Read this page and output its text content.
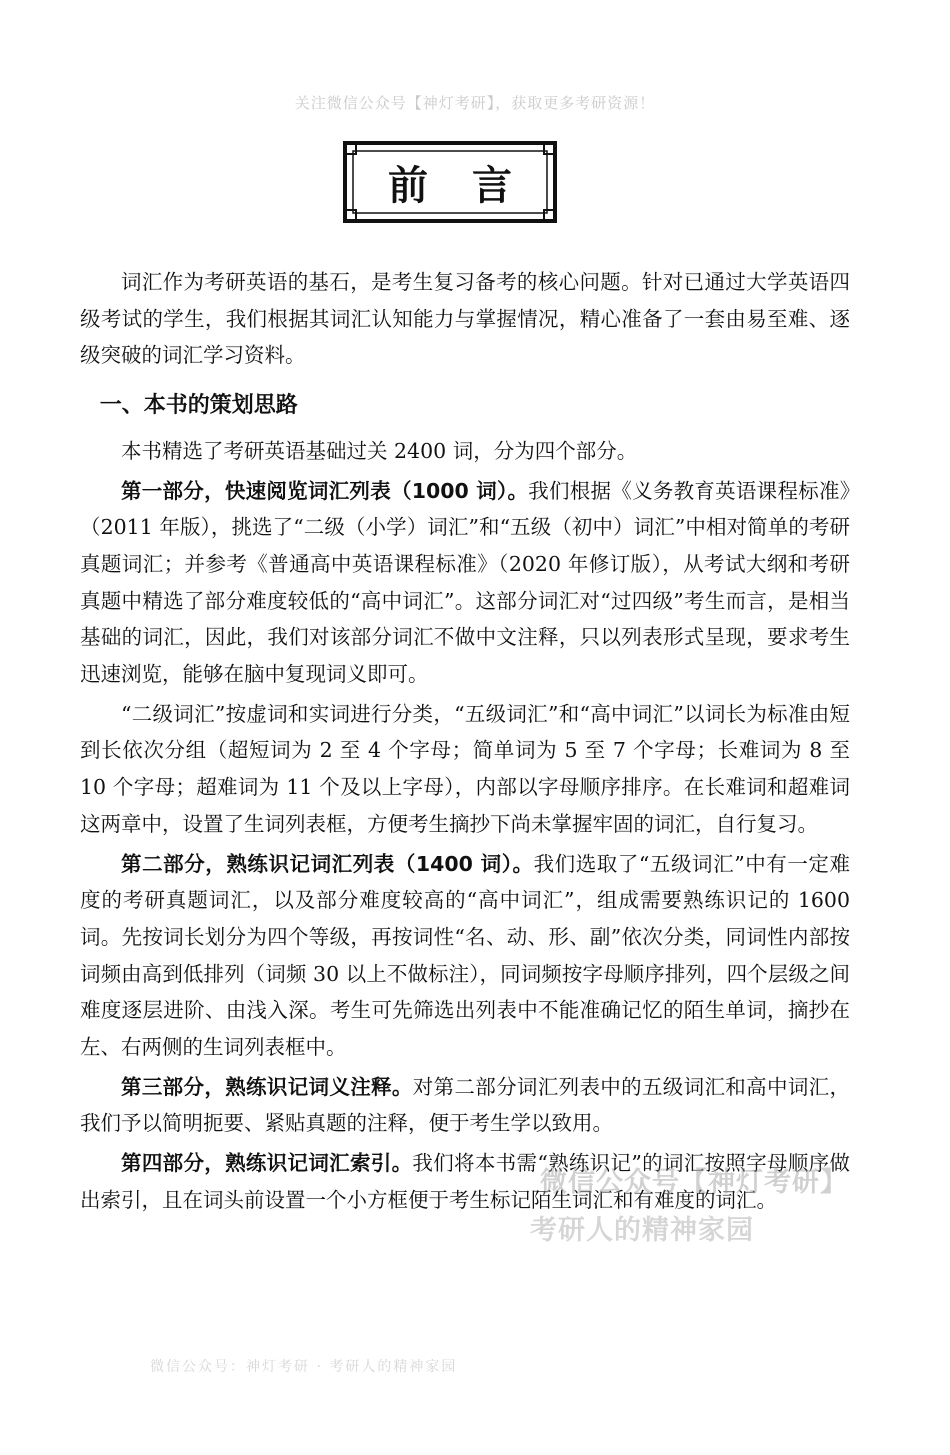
关注微信公众号【神灯考研】，获取更多考研资源！
前言

词汇作为考研英语的基石，是考生复习备考的核心问题。针对已通过大学英语四级考试的学生，我们根据其词汇认知能力与掌握情况，精心准备了一套由易至难、逐级突破的词汇学习资料。

一、本书的策划思路

本书精选了考研英语基础过关 2400 词，分为四个部分。

第一部分，快速阅览词汇列表（1000 词）。我们根据《义务教育英语课程标准》（2011 年版），挑选了“二级（小学）词汇”和“五级（初中）词汇”中相对简单的考研真题词汇；并参考《普通高中英语课程标准》（2020 年修订版），从考试大纲和考研真题中精选了部分难度较低的“高中词汇”。这部分词汇对“过四级”考生而言，是相当基础的词汇，因此，我们对该部分词汇不做中文注释，只以列表形式呈现，要求考生迅速浏览，能够在脑中复现词义即可。

“二级词汇”按虚词和实词进行分类，“五级词汇”和“高中词汇”以词长为标准由短到长依次分组（超短词为 2 至 4 个字母；简单词为 5 至 7 个字母；长难词为 8 至 10 个字母；超难词为 11 个及以上字母），内部以字母顺序排序。在长难词和超难词这两章中，设置了生词列表框，方便考生摘抄下尚未掌握牢固的词汇，自行复习。

第二部分，熟练识记词汇列表（1400 词）。我们选取了“五级词汇”中有一定难度的考研真题词汇，以及部分难度较高的“高中词汇”，组成需要熟练识记的 1600 词。先按词长划分为四个等级，再按词性“名、动、形、副”依次分类，同词性内部按词频由高到低排列（词频 30 以上不做标注），同词频按字母顺序排列，四个层级之间难度逐层进阶、由浅入深。考生可先筛选出列表中不能准确记忆的陌生单词，摘抄在左、右两侧的生词列表框中。

第三部分，熟练识记词义注释。对第二部分词汇列表中的五级词汇和高中词汇，我们予以简明扼要、紧贴真题的注释，便于考生学以致用。

第四部分，熟练识记词汇索引。我们将本书需“熟练识记”的词汇按照字母顺序做出索引，且在词头前设置一个小方框便于考生标记陌生词汇和有难度的词汇。

微信公众号【神灯考研】
考研人的精神家园
微信公众号：神灯考研 · 考研人的精神家园
